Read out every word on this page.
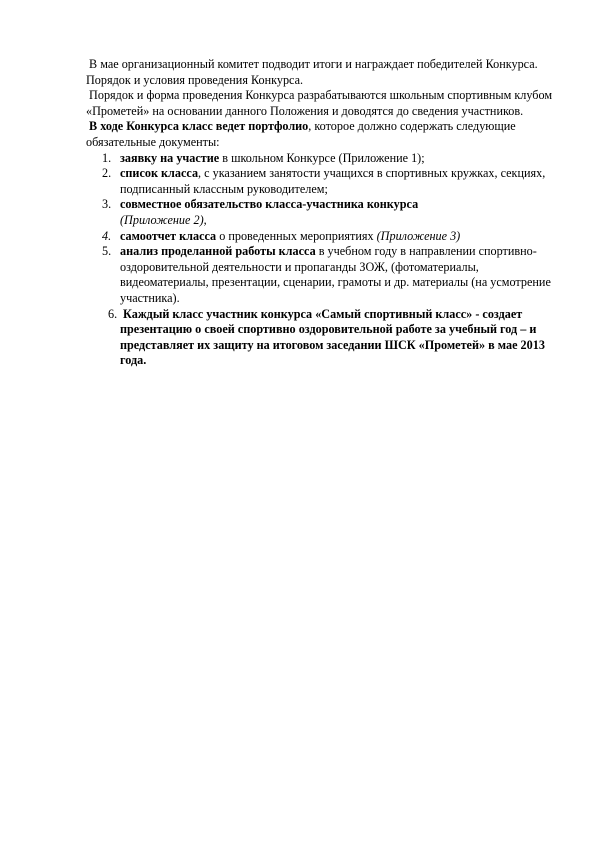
В мае организационный комитет подводит итоги и награждает победителей Конкурса.

Порядок и условия проведения Конкурса.

Порядок и форма проведения Конкурса разрабатываются школьным спортивным клубом «Прометей» на основании данного Положения и доводятся до сведения участников.

В ходе Конкурса класс ведет портфолио, которое должно содержать следующие обязательные документы:

1. заявку на участие в школьном Конкурсе (Приложение 1);
2. список класса, с указанием занятости учащихся в спортивных кружках, секциях, подписанный классным руководителем;
3. совместное обязательство класса-участника конкурса
(Приложение 2),
4. самоотчет класса о проведенных мероприятиях (Приложение 3)
5. анализ проделанной работы класса в учебном году в направлении спортивно-оздоровительной деятельности и пропаганды ЗОЖ, (фотоматериалы, видеоматериалы, презентации, сценарии, грамоты и др. материалы (на усмотрение участника).
6. Каждый класс участник конкурса «Самый спортивный класс» - создает презентацию о своей спортивно оздоровительной работе за учебный год – и представляет их защиту на итоговом заседании ШСК «Прометей» в мае 2013 года.
